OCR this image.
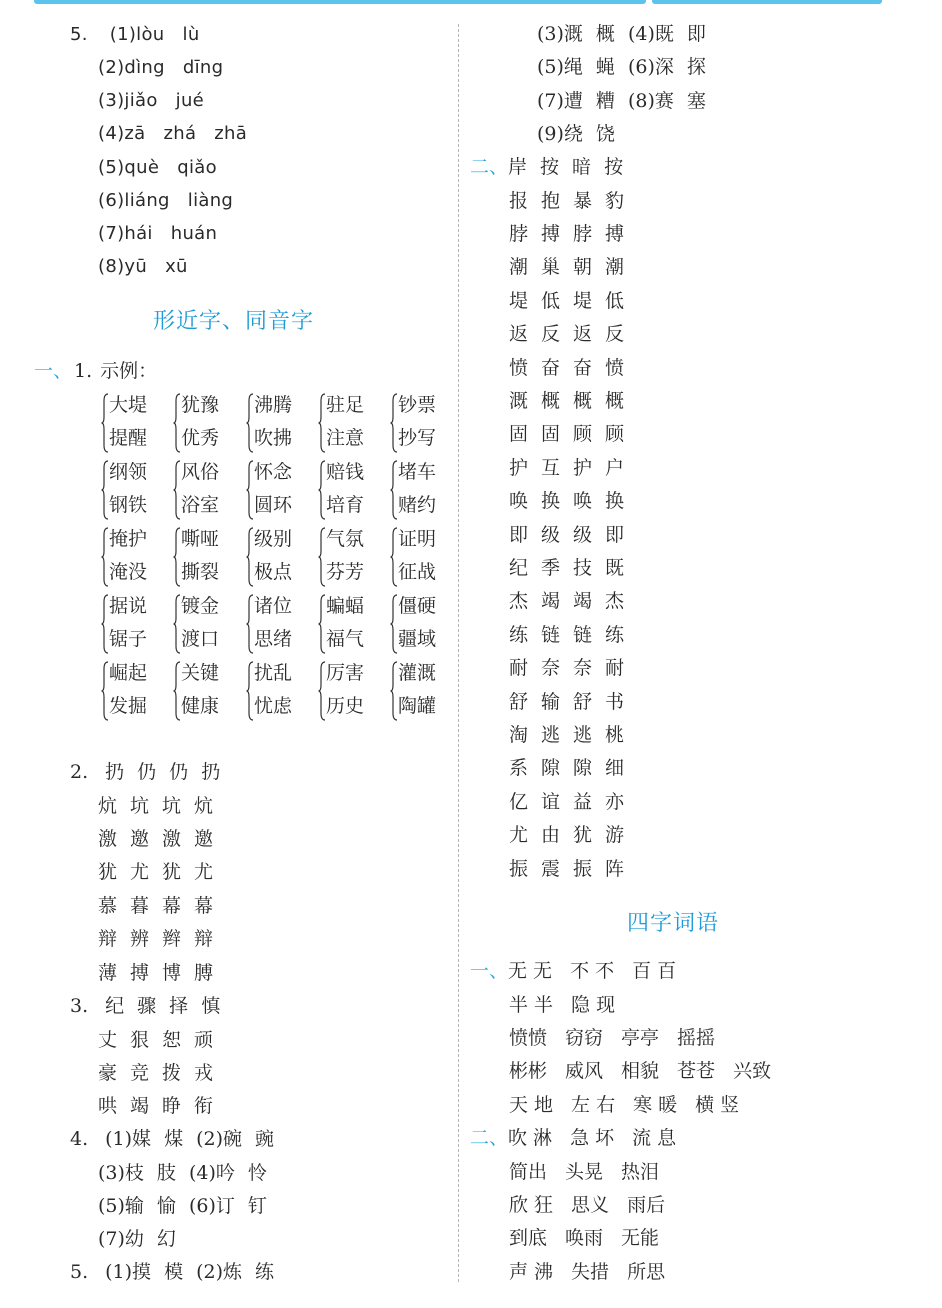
5. (1)lòu lù
(2)dìng dīng
(3)jiǎo jué
(4)zā zhá zhā
(5)què qiǎo
(6)liáng liàng
(7)hái huán
(8)yū xū
形近字、同音字
一、 1. 示例：
大堤
提醒
犹豫
优秀
沸腾
吹拂
驻足
注意
钞票
抄写
纲领
钢铁
风俗
浴室
怀念
圆环
赔钱
培育
堵车
赌约
掩护
淹没
嘶哑
撕裂
级别
极点
气氛
芬芳
证明
征战
据说
锯子
镀金
渡口
诸位
思绪
蝙蝠
福气
僵硬
疆域
崛起
发掘
关键
健康
扰乱
忧虑
厉害
历史
灌溉
陶罐
2. 扔 仍 仍 扔
炕 坑 坑 炕
激 邀 激 邀
犹 尤 犹 尤
慕 暮 幕 幕
辩 辨 辫 辩
薄 搏 博 膊
3. 纪 骤 择 慎
丈 狠 恕 顽
豪 竞 拨 戎
哄 竭 睁 衔
4. (1)媒 煤 (2)碗 豌
(3)枝 肢 (4)吟 怜
(5)输 愉 (6)订 钉
(7)幼 幻
5. (1)摸 模 (2)炼 练
(3)溉 概 (4)既 即
(5)绳 蝇 (6)深 探
(7)遭 糟 (8)赛 塞
(9)绕 饶
二、岸 按 暗 按
报 抱 暴 豹
脖 搏 脖 搏
潮 巢 朝 潮
堤 低 堤 低
返 反 返 反
愤 奋 奋 愤
溉 概 概 概
固 固 顾 顾
护 互 护 户
唤 换 唤 换
即 级 级 即
纪 季 技 既
杰 竭 竭 杰
练 链 链 练
耐 奈 奈 耐
舒 输 舒 书
淘 逃 逃 桃
系 隙 隙 细
亿 谊 益 亦
尤 由 犹 游
振 震 振 阵
四字词语
一、无 无 不 不 百 百
半 半 隐 现
愤愤 窃窃 亭亭 摇摇
彬彬 威风 相貌 苍苍 兴致
天 地 左 右 寒 暖 横 竖
二、吹 淋 急 坏 流 息
简出 头晃 热泪
欣 狂 思义 雨后
到底 唤雨 无能
声 沸 失措 所思
